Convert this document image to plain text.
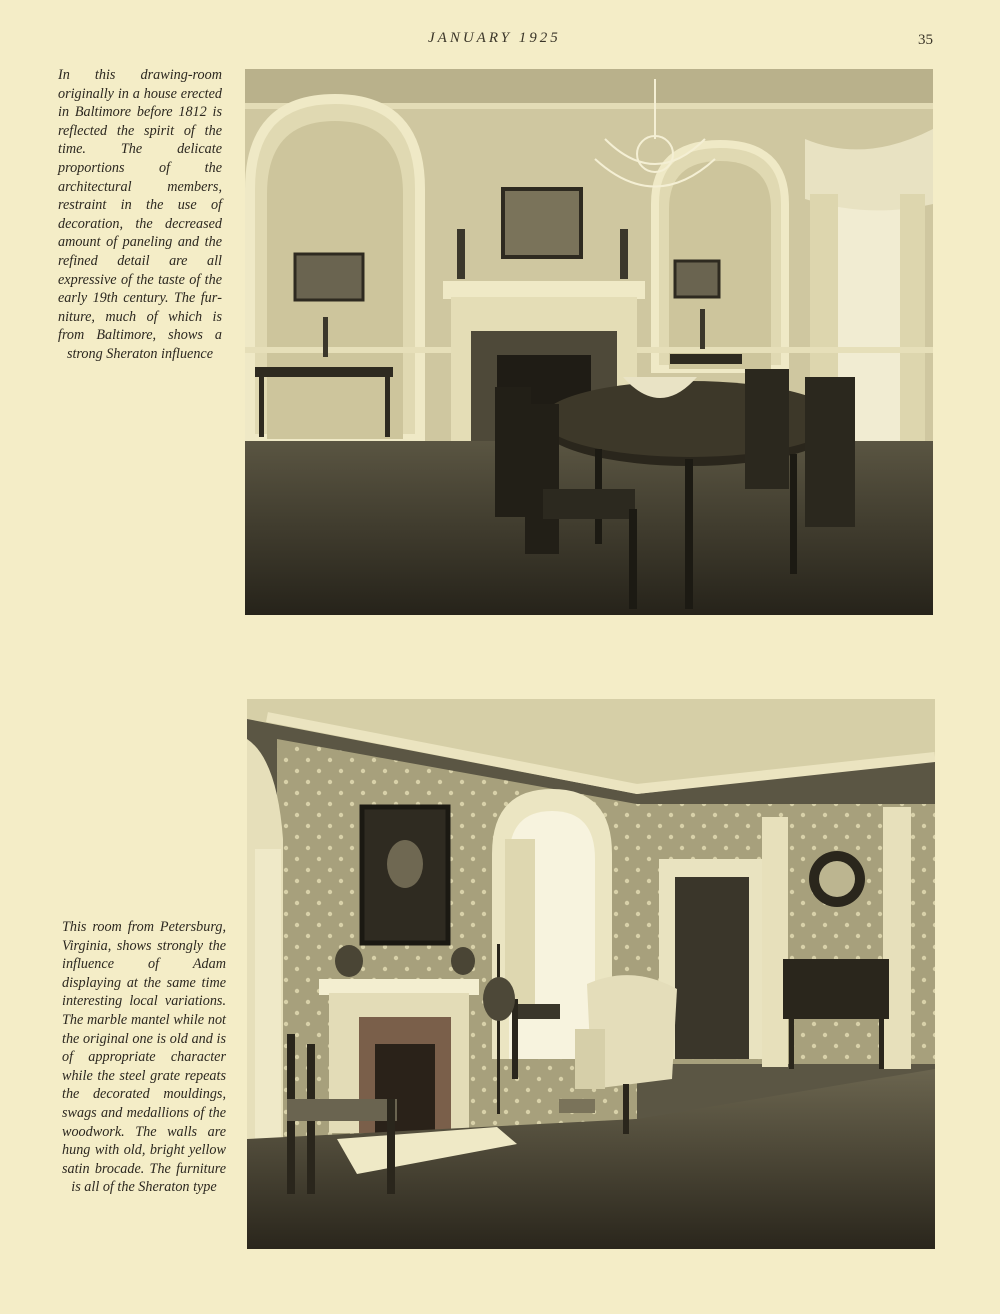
JANUARY 1925	35

In this drawing-room originally in a house erected in Baltimore before 1812 is reflected the spirit of the time. The delicate proportions of the architectural members, restraint in the use of decoration, the decreased amount of paneling and the refined detail are all expressive of the taste of the early 19th century. The furniture, much of which is from Baltimore, shows a strong Sheraton influence

This room from Petersburg, Virginia, shows strongly the influence of Adam displaying at the same time interesting local variations. The marble mantel while not the original one is old and is of appropriate character while the steel grate repeats the decorated mouldings, swags and medallions of the woodwork. The walls are hung with old, bright yellow satin brocade. The furniture is all of the Sheraton type
